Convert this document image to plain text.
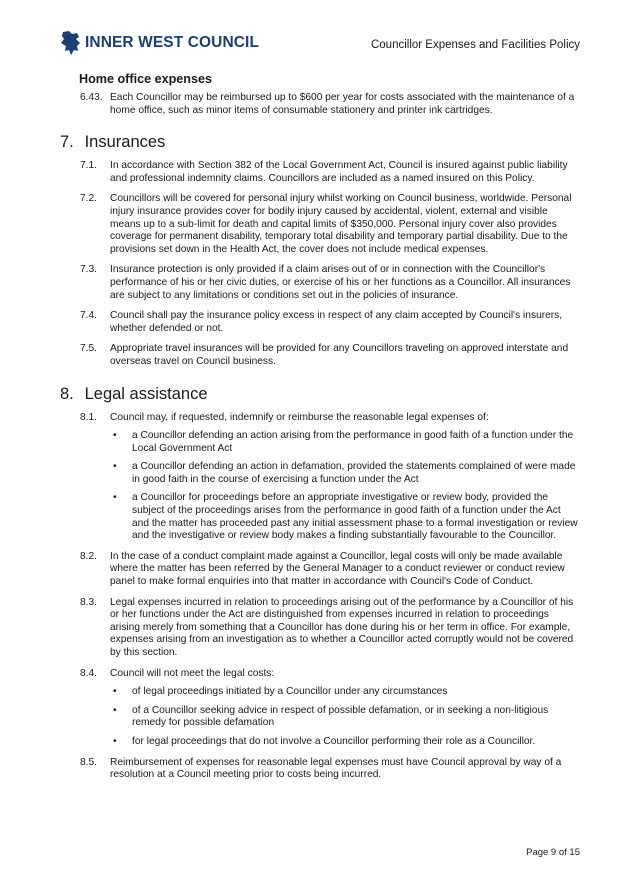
INNER WEST COUNCIL	Councillor Expenses and Facilities Policy
Home office expenses
6.43. Each Councillor may be reimbursed up to $600 per year for costs associated with the maintenance of a home office, such as minor items of consumable stationery and printer ink cartridges.
7. Insurances
7.1. In accordance with Section 382 of the Local Government Act, Council is insured against public liability and professional indemnity claims. Councillors are included as a named insured on this Policy.
7.2. Councillors will be covered for personal injury whilst working on Council business, worldwide. Personal injury insurance provides cover for bodily injury caused by accidental, violent, external and visible means up to a sub-limit for death and capital limits of $350,000. Personal injury cover also provides coverage for permanent disability, temporary total disability and temporary partial disability. Due to the provisions set down in the Health Act, the cover does not include medical expenses.
7.3. Insurance protection is only provided if a claim arises out of or in connection with the Councillor's performance of his or her civic duties, or exercise of his or her functions as a Councillor. All insurances are subject to any limitations or conditions set out in the policies of insurance.
7.4. Council shall pay the insurance policy excess in respect of any claim accepted by Council's insurers, whether defended or not.
7.5. Appropriate travel insurances will be provided for any Councillors traveling on approved interstate and overseas travel on Council business.
8. Legal assistance
8.1. Council may, if requested, indemnify or reimburse the reasonable legal expenses of:
• a Councillor defending an action arising from the performance in good faith of a function under the Local Government Act
• a Councillor defending an action in defamation, provided the statements complained of were made in good faith in the course of exercising a function under the Act
• a Councillor for proceedings before an appropriate investigative or review body, provided the subject of the proceedings arises from the performance in good faith of a function under the Act and the matter has proceeded past any initial assessment phase to a formal investigation or review and the investigative or review body makes a finding substantially favourable to the Councillor.
8.2. In the case of a conduct complaint made against a Councillor, legal costs will only be made available where the matter has been referred by the General Manager to a conduct reviewer or conduct review panel to make formal enquiries into that matter in accordance with Council's Code of Conduct.
8.3. Legal expenses incurred in relation to proceedings arising out of the performance by a Councillor of his or her functions under the Act are distinguished from expenses incurred in relation to proceedings arising merely from something that a Councillor has done during his or her term in office. For example, expenses arising from an investigation as to whether a Councillor acted corruptly would not be covered by this section.
8.4. Council will not meet the legal costs:
• of legal proceedings initiated by a Councillor under any circumstances
• of a Councillor seeking advice in respect of possible defamation, or in seeking a non-litigious remedy for possible defamation
• for legal proceedings that do not involve a Councillor performing their role as a Councillor.
8.5. Reimbursement of expenses for reasonable legal expenses must have Council approval by way of a resolution at a Council meeting prior to costs being incurred.
Page 9 of 15
